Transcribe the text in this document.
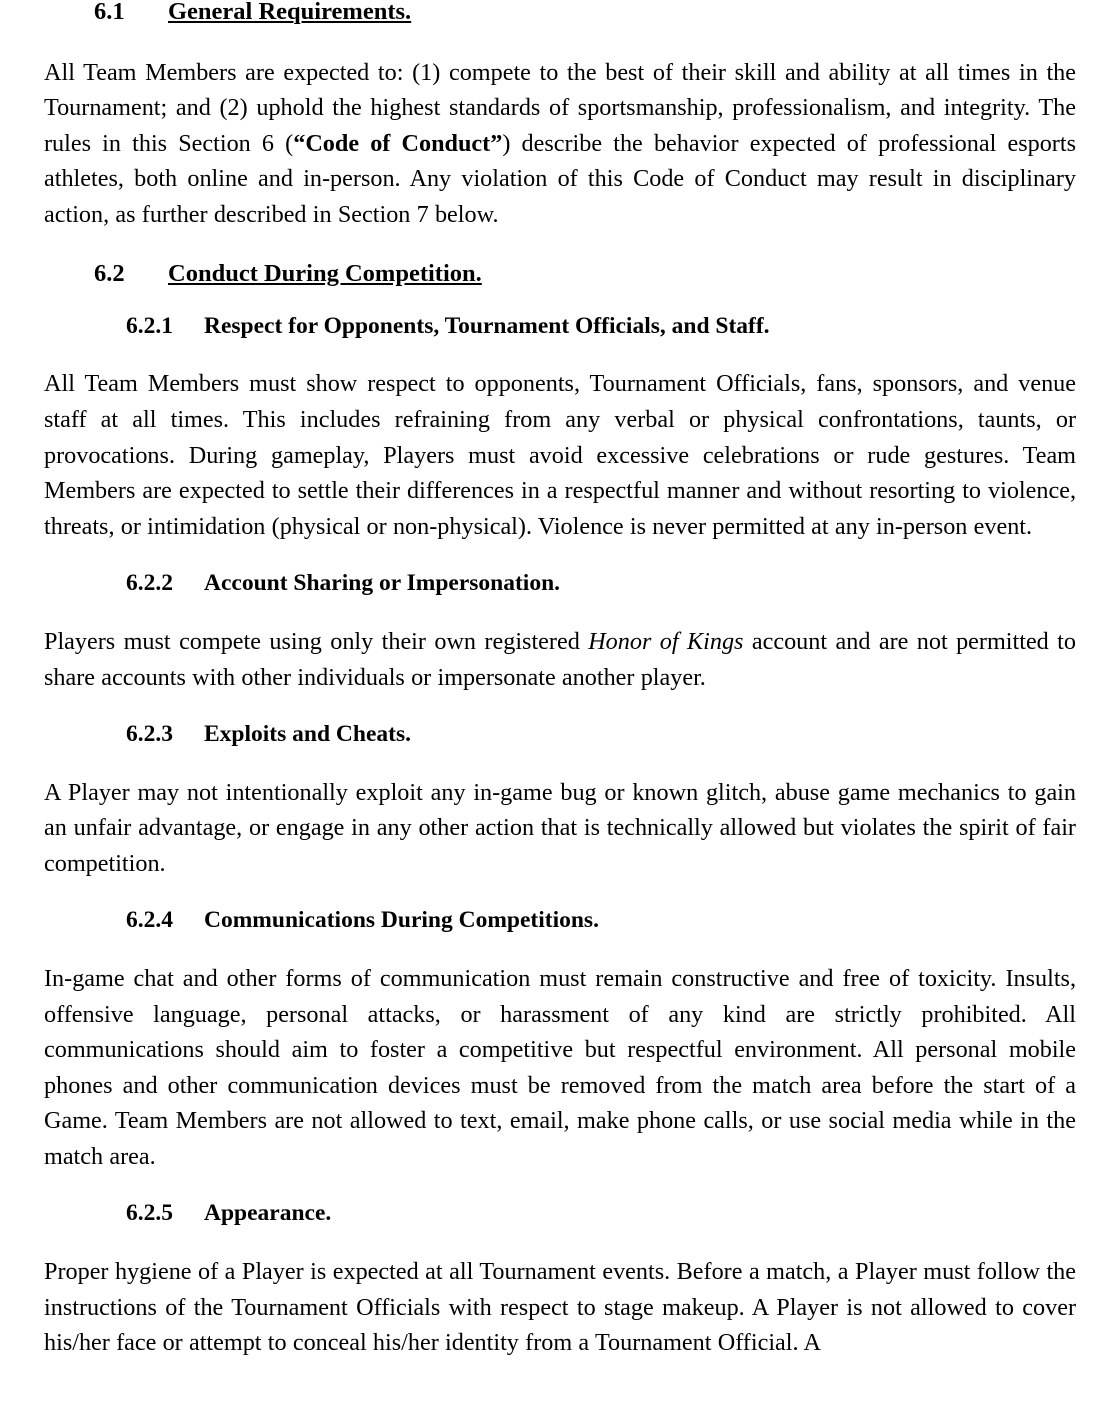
6.1	General Requirements.

All Team Members are expected to: (1) compete to the best of their skill and ability at all times in the Tournament; and (2) uphold the highest standards of sportsmanship, professionalism, and integrity. The rules in this Section 6 (“Code of Conduct”) describe the behavior expected of professional esports athletes, both online and in-person. Any violation of this Code of Conduct may result in disciplinary action, as further described in Section 7 below.

6.2	Conduct During Competition.
6.2.1	Respect for Opponents, Tournament Officials, and Staff.

All Team Members must show respect to opponents, Tournament Officials, fans, sponsors, and venue staff at all times. This includes refraining from any verbal or physical confrontations, taunts, or provocations. During gameplay, Players must avoid excessive celebrations or rude gestures. Team Members are expected to settle their differences in a respectful manner and without resorting to violence, threats, or intimidation (physical or non-physical). Violence is never permitted at any in-person event.

6.2.2	Account Sharing or Impersonation.

Players must compete using only their own registered Honor of Kings account and are not permitted to share accounts with other individuals or impersonate another player.

6.2.3	Exploits and Cheats.

A Player may not intentionally exploit any in-game bug or known glitch, abuse game mechanics to gain an unfair advantage, or engage in any other action that is technically allowed but violates the spirit of fair competition.

6.2.4	Communications During Competitions.

In-game chat and other forms of communication must remain constructive and free of toxicity. Insults, offensive language, personal attacks, or harassment of any kind are strictly prohibited. All communications should aim to foster a competitive but respectful environment. All personal mobile phones and other communication devices must be removed from the match area before the start of a Game. Team Members are not allowed to text, email, make phone calls, or use social media while in the match area.

6.2.5	Appearance.

Proper hygiene of a Player is expected at all Tournament events. Before a match, a Player must follow the instructions of the Tournament Officials with respect to stage makeup. A Player is not allowed to cover his/her face or attempt to conceal his/her identity from a Tournament Official. A
